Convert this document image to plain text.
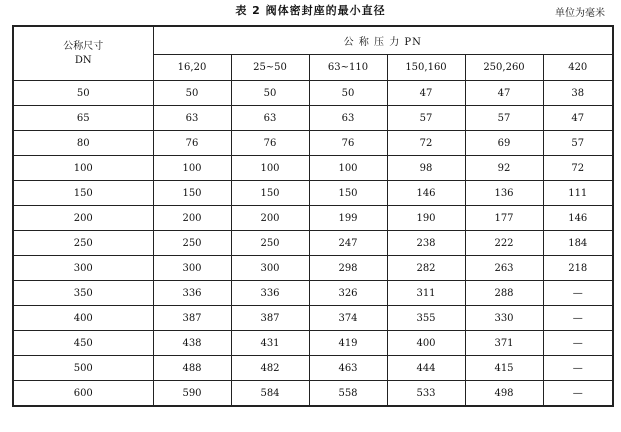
表 2 阀体密封座的最小直径	单位为毫米
公称尺寸
DN	公 称 压 力 PN					
	16,20	25~50	63~110	150,160	250,260	420
50	50	50	50	47	47	38
65	63	63	63	57	57	47
80	76	76	76	72	69	57
100	100	100	100	98	92	72
150	150	150	150	146	136	111
200	200	200	199	190	177	146
250	250	250	247	238	222	184
300	300	300	298	282	263	218
350	336	336	326	311	288	—
400	387	387	374	355	330	—
450	438	431	419	400	371	—
500	488	482	463	444	415	—
600	590	584	558	533	498	—
